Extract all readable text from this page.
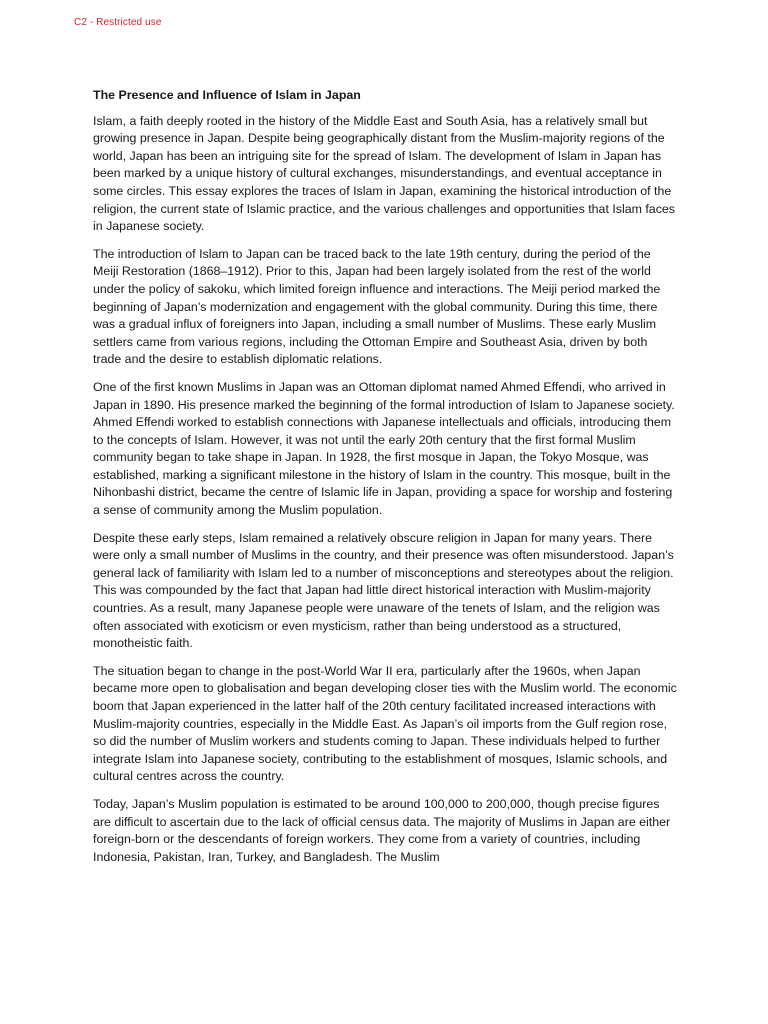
C2 - Restricted use
The Presence and Influence of Islam in Japan

Islam, a faith deeply rooted in the history of the Middle East and South Asia, has a relatively small but growing presence in Japan. Despite being geographically distant from the Muslim-majority regions of the world, Japan has been an intriguing site for the spread of Islam. The development of Islam in Japan has been marked by a unique history of cultural exchanges, misunderstandings, and eventual acceptance in some circles. This essay explores the traces of Islam in Japan, examining the historical introduction of the religion, the current state of Islamic practice, and the various challenges and opportunities that Islam faces in Japanese society.

The introduction of Islam to Japan can be traced back to the late 19th century, during the period of the Meiji Restoration (1868–1912). Prior to this, Japan had been largely isolated from the rest of the world under the policy of sakoku, which limited foreign influence and interactions. The Meiji period marked the beginning of Japan’s modernization and engagement with the global community. During this time, there was a gradual influx of foreigners into Japan, including a small number of Muslims. These early Muslim settlers came from various regions, including the Ottoman Empire and Southeast Asia, driven by both trade and the desire to establish diplomatic relations.

One of the first known Muslims in Japan was an Ottoman diplomat named Ahmed Effendi, who arrived in Japan in 1890. His presence marked the beginning of the formal introduction of Islam to Japanese society. Ahmed Effendi worked to establish connections with Japanese intellectuals and officials, introducing them to the concepts of Islam. However, it was not until the early 20th century that the first formal Muslim community began to take shape in Japan. In 1928, the first mosque in Japan, the Tokyo Mosque, was established, marking a significant milestone in the history of Islam in the country. This mosque, built in the Nihonbashi district, became the centre of Islamic life in Japan, providing a space for worship and fostering a sense of community among the Muslim population.

Despite these early steps, Islam remained a relatively obscure religion in Japan for many years. There were only a small number of Muslims in the country, and their presence was often misunderstood. Japan’s general lack of familiarity with Islam led to a number of misconceptions and stereotypes about the religion. This was compounded by the fact that Japan had little direct historical interaction with Muslim-majority countries. As a result, many Japanese people were unaware of the tenets of Islam, and the religion was often associated with exoticism or even mysticism, rather than being understood as a structured, monotheistic faith.

The situation began to change in the post-World War II era, particularly after the 1960s, when Japan became more open to globalisation and began developing closer ties with the Muslim world. The economic boom that Japan experienced in the latter half of the 20th century facilitated increased interactions with Muslim-majority countries, especially in the Middle East. As Japan’s oil imports from the Gulf region rose, so did the number of Muslim workers and students coming to Japan. These individuals helped to further integrate Islam into Japanese society, contributing to the establishment of mosques, Islamic schools, and cultural centres across the country.

Today, Japan’s Muslim population is estimated to be around 100,000 to 200,000, though precise figures are difficult to ascertain due to the lack of official census data. The majority of Muslims in Japan are either foreign-born or the descendants of foreign workers. They come from a variety of countries, including Indonesia, Pakistan, Iran, Turkey, and Bangladesh. The Muslim
